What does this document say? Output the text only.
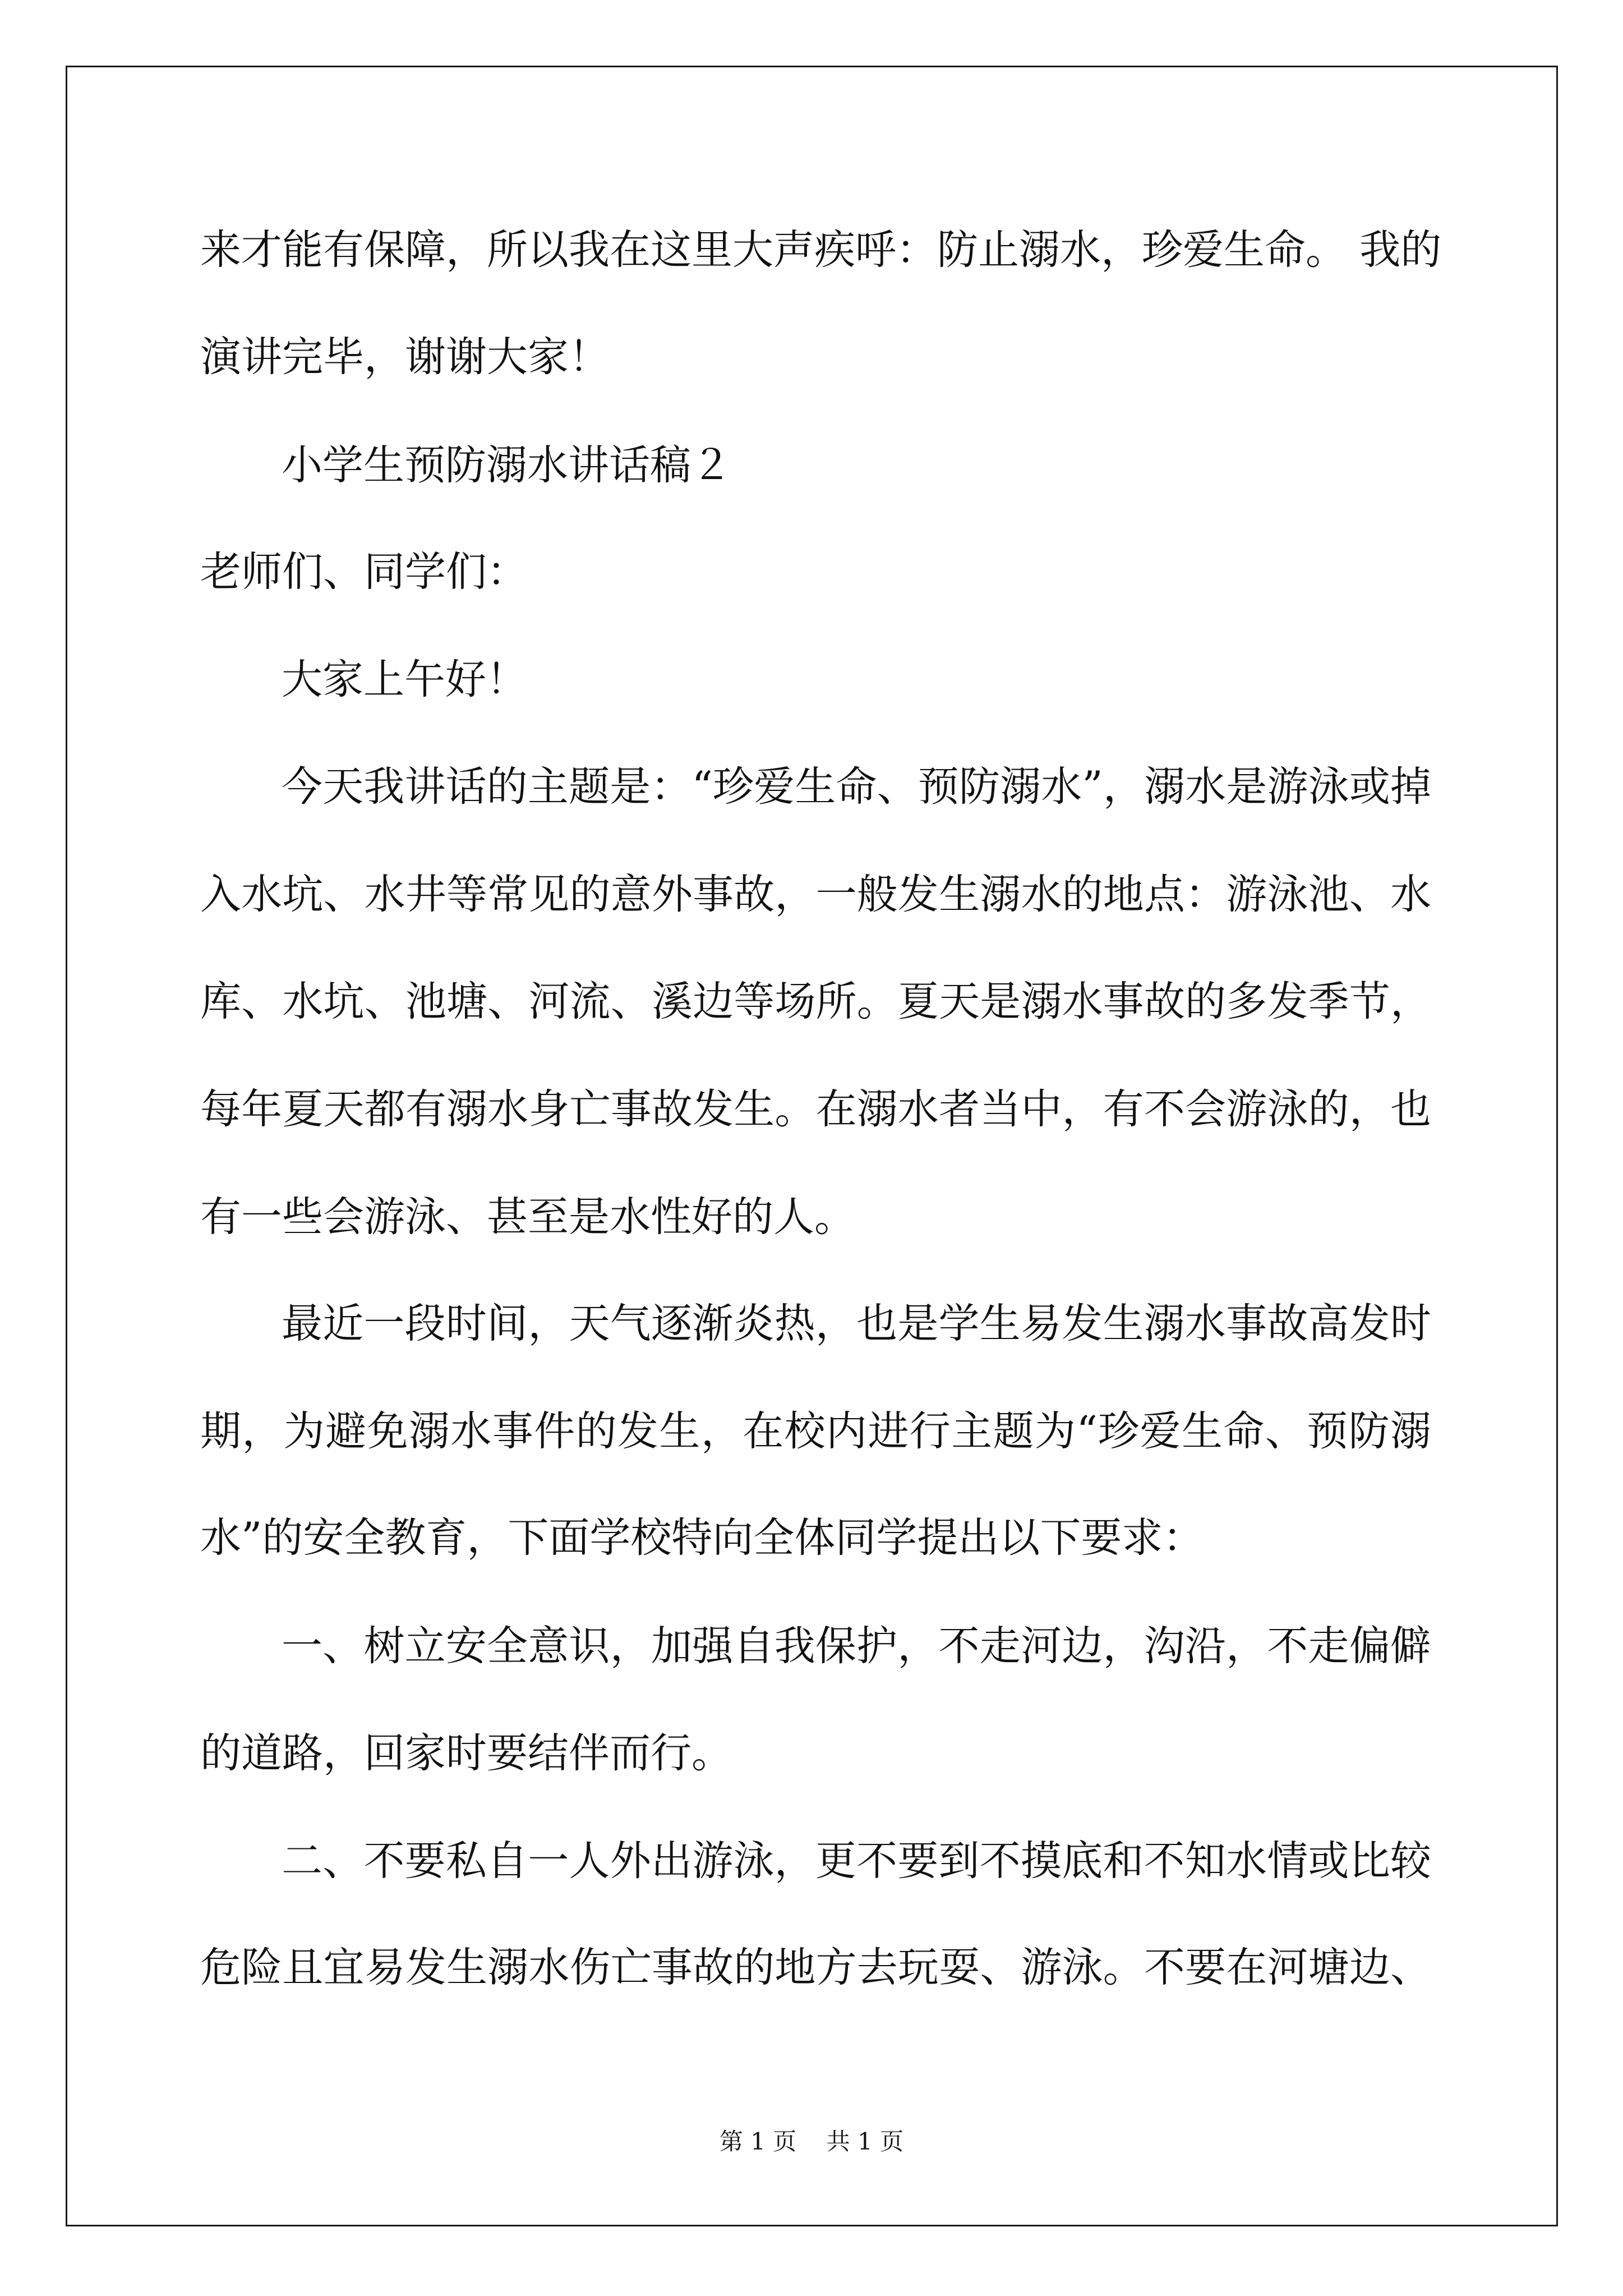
来才能有保障，所以我在这里大声疾呼：防止溺水，珍爱生命。 我的

演讲完毕，谢谢大家！

小学生预防溺水讲话稿２

老师们、同学们：

大家上午好！

今天我讲话的主题是：“珍爱生命、预防溺水”，溺水是游泳或掉

入水坑、水井等常见的意外事故，一般发生溺水的地点：游泳池、水

库、水坑、池塘、河流、溪边等场所。夏天是溺水事故的多发季节，

每年夏天都有溺水身亡事故发生。在溺水者当中，有不会游泳的，也

有一些会游泳、甚至是水性好的人。

最近一段时间，天气逐渐炎热，也是学生易发生溺水事故高发时

期，为避免溺水事件的发生，在校内进行主题为“珍爱生命、预防溺

水”的安全教育，下面学校特向全体同学提出以下要求：

一、树立安全意识，加强自我保护，不走河边，沟沿，不走偏僻

的道路，回家时要结伴而行。

二、不要私自一人外出游泳，更不要到不摸底和不知水情或比较

危险且宜易发生溺水伤亡事故的地方去玩耍、游泳。不要在河塘边、

第 1 页    共 1 页
